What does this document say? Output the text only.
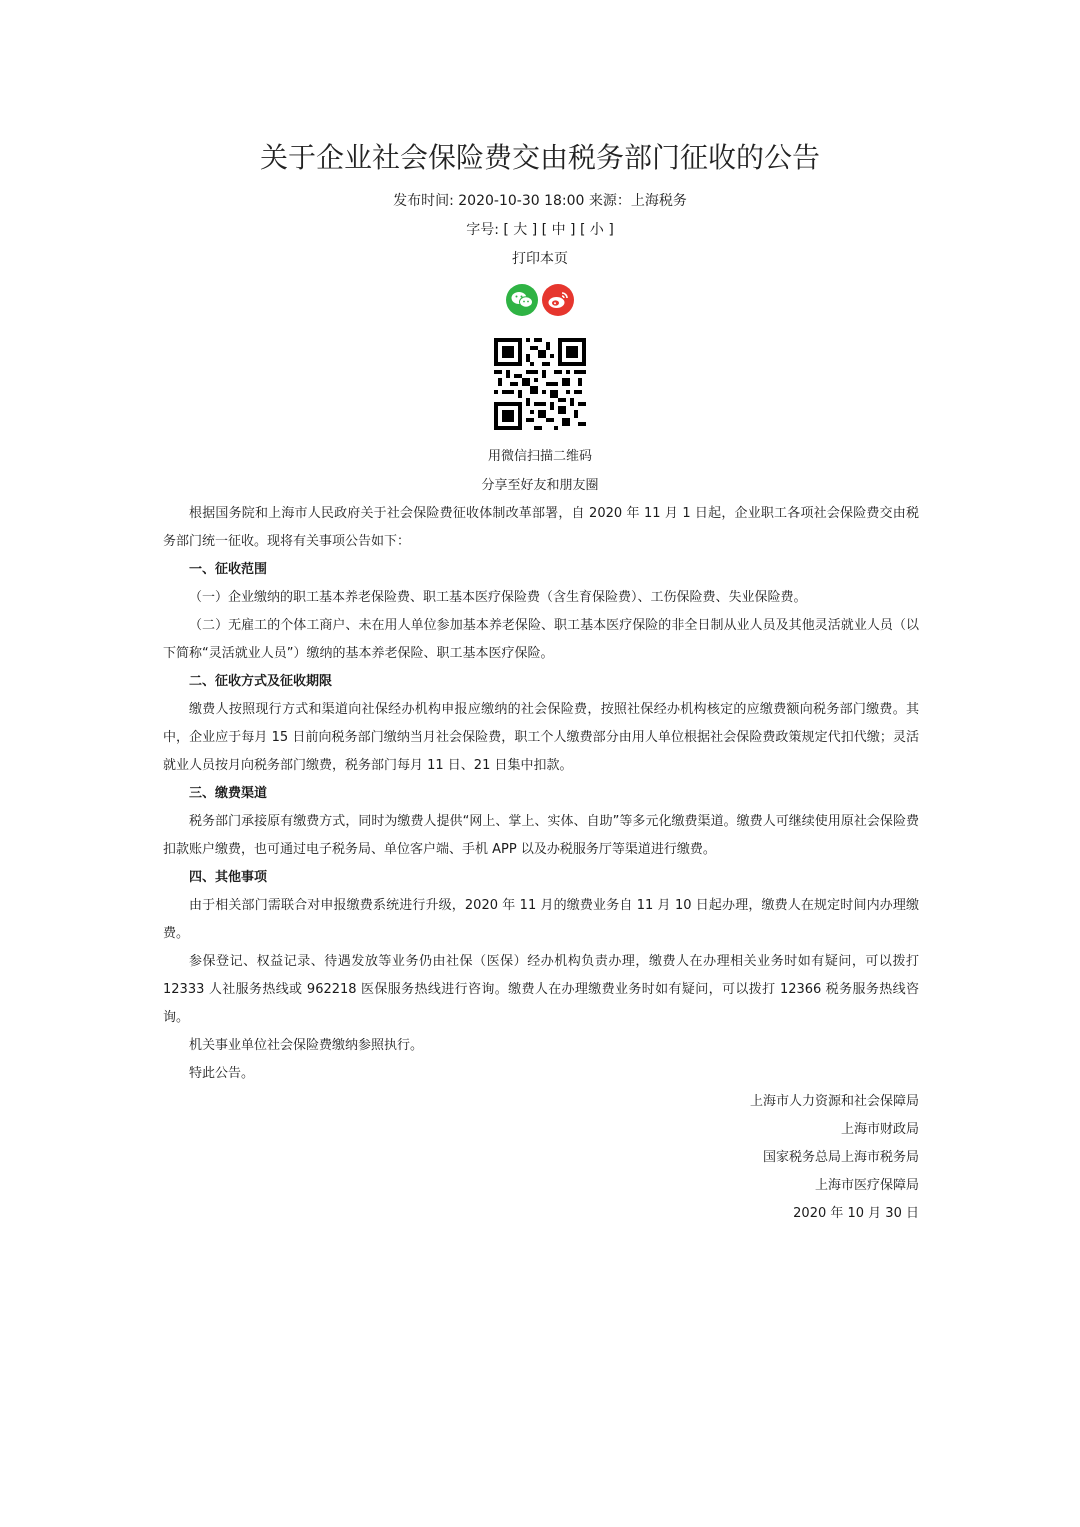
关于企业社会保险费交由税务部门征收的公告
发布时间: 2020-10-30 18:00 来源：上海税务
字号: [ 大 ] [ 中 ] [ 小 ]
打印本页
用微信扫描二维码
分享至好友和朋友圈

根据国务院和上海市人民政府关于社会保险费征收体制改革部署，自 2020 年 11 月 1 日起，企业职工各项社会保险费交由税务部门统一征收。现将有关事项公告如下：

一、征收范围

（一）企业缴纳的职工基本养老保险费、职工基本医疗保险费（含生育保险费）、工伤保险费、失业保险费。

（二）无雇工的个体工商户、未在用人单位参加基本养老保险、职工基本医疗保险的非全日制从业人员及其他灵活就业人员（以下简称“灵活就业人员”）缴纳的基本养老保险、职工基本医疗保险。

二、征收方式及征收期限

缴费人按照现行方式和渠道向社保经办机构申报应缴纳的社会保险费，按照社保经办机构核定的应缴费额向税务部门缴费。其中，企业应于每月 15 日前向税务部门缴纳当月社会保险费，职工个人缴费部分由用人单位根据社会保险费政策规定代扣代缴；灵活就业人员按月向税务部门缴费，税务部门每月 11 日、21 日集中扣款。

三、缴费渠道

税务部门承接原有缴费方式，同时为缴费人提供“网上、掌上、实体、自助”等多元化缴费渠道。缴费人可继续使用原社会保险费扣款账户缴费，也可通过电子税务局、单位客户端、手机 APP 以及办税服务厅等渠道进行缴费。

四、其他事项

由于相关部门需联合对申报缴费系统进行升级，2020 年 11 月的缴费业务自 11 月 10 日起办理，缴费人在规定时间内办理缴费。

参保登记、权益记录、待遇发放等业务仍由社保（医保）经办机构负责办理，缴费人在办理相关业务时如有疑问，可以拨打 12333 人社服务热线或 962218 医保服务热线进行咨询。缴费人在办理缴费业务时如有疑问，可以拨打 12366 税务服务热线咨询。

机关事业单位社会保险费缴纳参照执行。

特此公告。

上海市人力资源和社会保障局

上海市财政局

国家税务总局上海市税务局

上海市医疗保障局

2020 年 10 月 30 日
